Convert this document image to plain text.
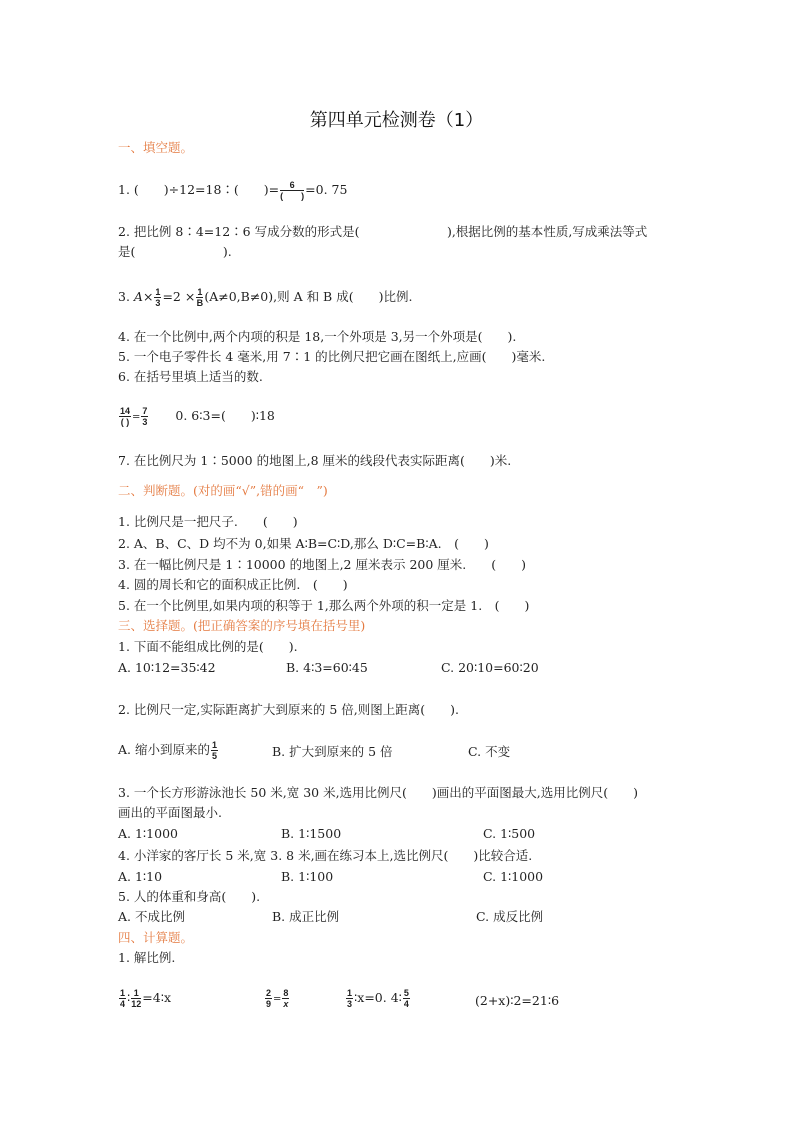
第四单元检测卷（1）
一、填空题。
1. (　　)÷12=18∶(　　)=	6
(　　) =0. 75
2. 把比例 8∶4=12∶6 写成分数的形式是(　　　　　　　),根据比例的基本性质,写成乘法等式
是(　　　　　　　).
3. $A\times \frac{1}{3} =2 \times \frac{1}{B} (A\ne 0,B\ne 0)$,则 A 和 B 成(　　)比例.
4. 在一个比例中,两个内项的积是 18,一个外项是 3,另一个外项是(　　).
5. 一个电子零件长 4 毫米,用 7∶1 的比例尺把它画在图纸上,应画(　　)毫米.
6. 在括号里填上适当的数.
14
( ) = $\frac{7}{3} 0$. 6∶3=(　　)∶18
7. 在比例尺为 1∶5000 的地图上,8 厘米的线段代表实际距离(　　)米.
二、判断题。(对的画“√”,错的画“　”)
1. 比例尺是一把尺子.　　(　　)
2. A、B、C、D 均不为 0,如果 A∶B=C∶D,那么 D∶C=B∶A.　(　　)
3. 在一幅比例尺是 1∶10000 的地图上,2 厘米表示 200 厘米.　　(　　)
4. 圆的周长和它的面积成正比例.　(　　)
5. 在一个比例里,如果内项的积等于 1,那么两个外项的积一定是 1.　(　　)
三、选择题。(把正确答案的序号填在括号里)
1. 下面不能组成比例的是(　　).
A. 10∶12=35∶42	B. 4∶3=60∶45	C. 20∶10=60∶20
2. 比例尺一定,实际距离扩大到原来的 5 倍,则图上距离(　　).
A. 缩小到原来的 $\frac{1}{5}$	B. 扩大到原来的 5 倍	C. 不变
3. 一个长方形游泳池长 50 米,宽 30 米,选用比例尺(　　)画出的平面图最大,选用比例尺(　　)
画出的平面图最小.
A. 1∶1000	B. 1∶1500	C. 1∶500
4. 小洋家的客厅长 5 米,宽 3. 8 米,画在练习本上,选比例尺(　　)比较合适.
A. 1∶10	B. 1∶100	C. 1∶1000
5. 人的体重和身高(　　).
A. 不成比例	B. 成正比例	C. 成反比例
四、计算题。
1. 解比例.
$\frac{1}{4}$ ∶ $\frac{1}{12}$ =4∶x	$\frac{2}{9} = \frac{8}{x}$	$\frac{1}{3}$ ∶x=0. 4∶ $\frac{5}{4}$	(2+x)∶2=21∶6
